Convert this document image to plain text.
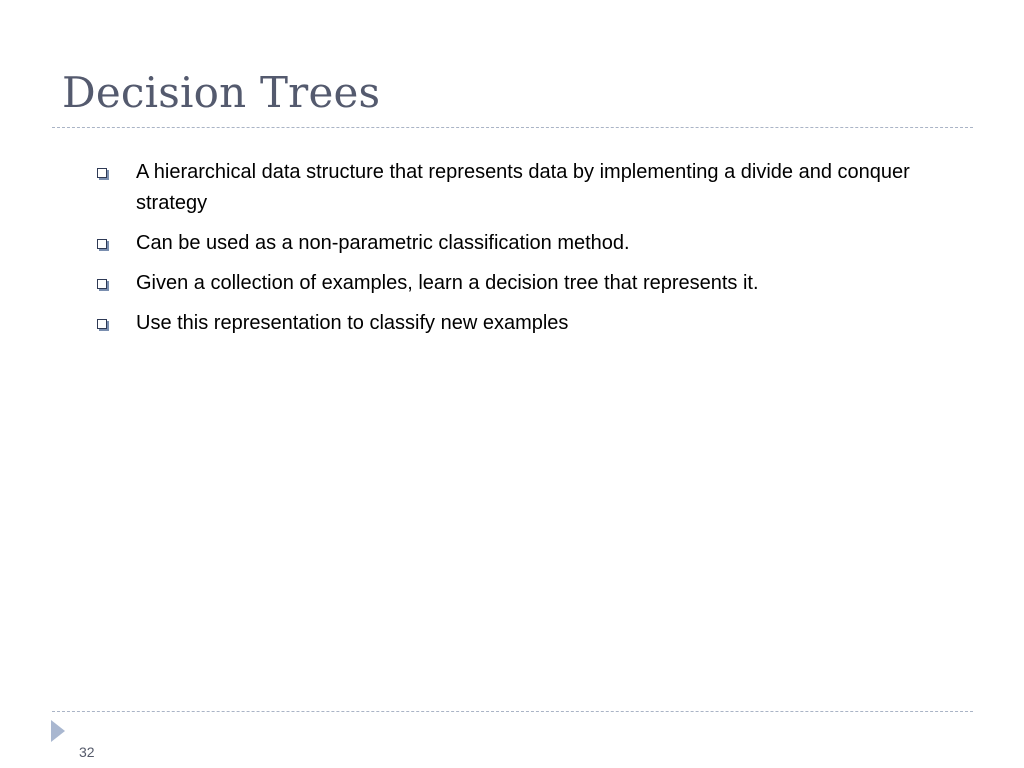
Decision Trees
A hierarchical data structure that represents data by implementing a divide and conquer strategy
Can be used as a non-parametric classification method.
Given a collection of examples, learn a decision tree that represents it.
Use this representation to classify new examples
32
